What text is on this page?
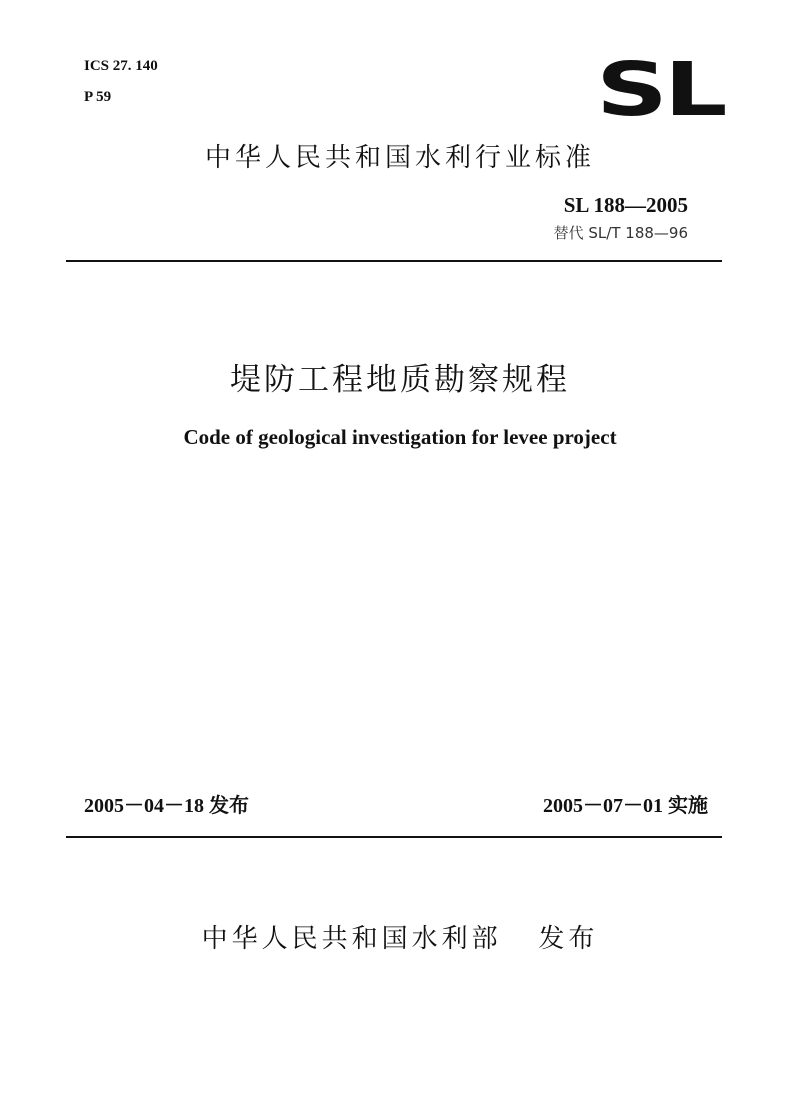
ICS 27. 140
P 59	SL
中华人民共和国水利行业标准
SL 188—2005
替代 SL/T 188—96
堤防工程地质勘察规程
Code of geological investigation for levee project
2005－04－18 发布	2005－07－01 实施
中华人民共和国水利部   发布
